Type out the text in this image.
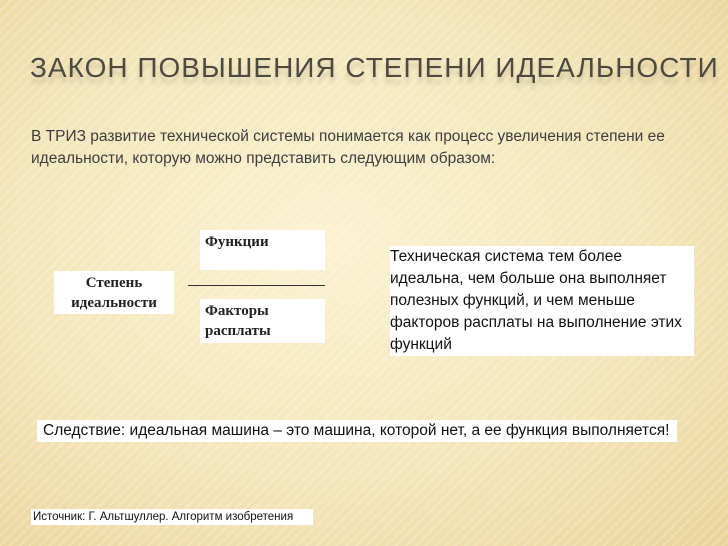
ЗАКОН ПОВЫШЕНИЯ СТЕПЕНИ ИДЕАЛЬНОСТИ
В ТРИЗ развитие технической системы понимается как процесс увеличения степени ее идеальности, которую можно представить следующим образом:
Функции
Степень
идеальности	Факторы
расплаты
Техническая система тем более идеальна, чем больше она выполняет полезных функций, и чем меньше факторов расплаты на выполнение этих функций
Следствие: идеальная машина – это машина, которой нет, а ее функция выполняется!
Источник: Г. Альтшуллер. Алгоритм изобретения
